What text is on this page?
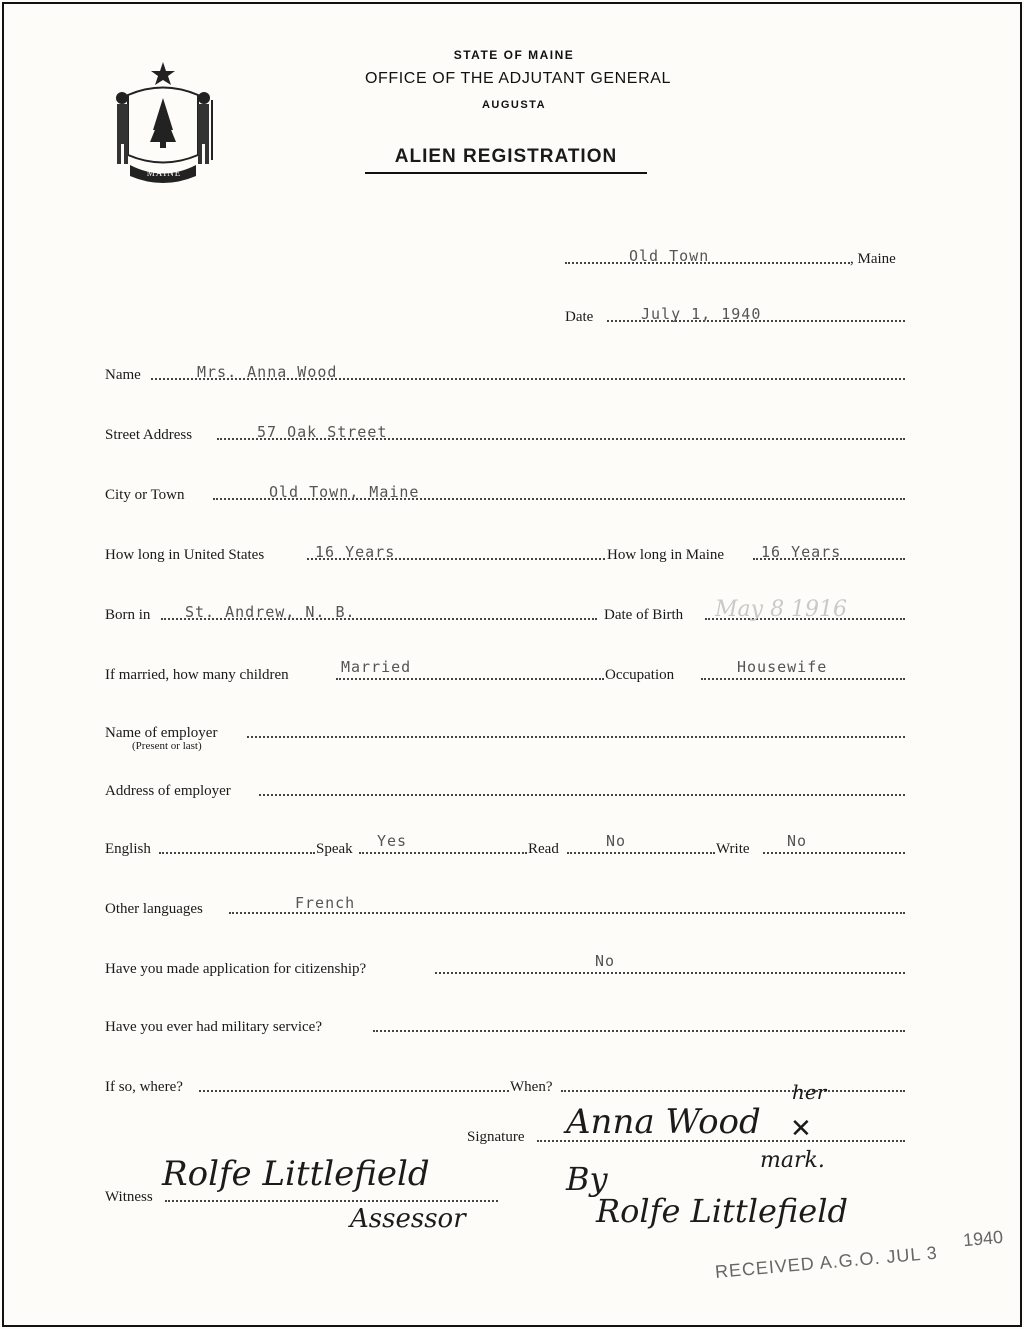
MAINE
STATE OF MAINE
OFFICE OF THE ADJUTANT GENERAL
AUGUSTA
ALIEN REGISTRATION
Old Town	, Maine
Date	July 1, 1940
Name	Mrs. Anna Wood
Street Address	57 Oak Street
City or Town	Old Town, Maine
How long in United States	16 Years	How long in Maine 16 Years
Born in St. Andrew, N. B.	Date of Birth May 8 1916
If married, how many children	Married	Occupation	Housewife
Name of employer
(Present or last)
Address of employer
English	Speak Yes	Read	No	Write No
Other languages	French
Have you made application for citizenship?	No
Have you ever had military service?
If so, where?	When?
Signature Anna Wood
her
✕
mark.
By
Rolfe Littlefield
Witness
Rolfe Littlefield
Assessor
RECEIVED A.G.O. JUL 3 1940
